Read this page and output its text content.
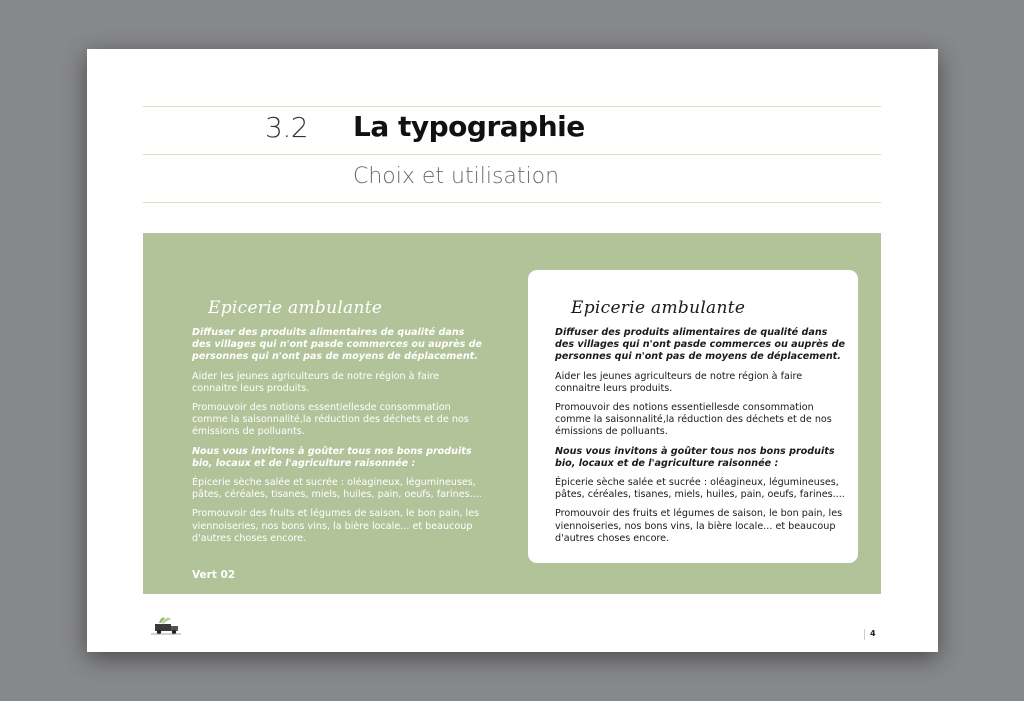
3.2 La typographie
Choix et utilisation
Epicerie ambulante

Diffuser des produits alimentaires de qualité dans des villages qui n'ont pasde commerces ou auprès de personnes qui n'ont pas de moyens de déplacement.

Aider les jeunes agriculteurs de notre région à faire connaitre leurs produits.

Promouvoir des notions essentiellesde consommation comme la saisonnalité,la réduction des déchets et de nos émissions de polluants.

Nous vous invitons à goûter tous nos bons produits bio, locaux et de l'agriculture raisonnée :

Épicerie sèche salée et sucrée : oléagineux, légumineuses, pâtes, céréales, tisanes, miels, huiles, pain, oeufs, farines....

Promouvoir des fruits et légumes de saison, le bon pain, les viennoiseries, nos bons vins, la bière locale... et beaucoup d'autres choses encore.

Epicerie ambulante

Diffuser des produits alimentaires de qualité dans des villages qui n'ont pasde commerces ou auprès de personnes qui n'ont pas de moyens de déplacement.

Aider les jeunes agriculteurs de notre région à faire connaitre leurs produits.

Promouvoir des notions essentiellesde consommation comme la saisonnalité,la réduction des déchets et de nos émissions de polluants.

Nous vous invitons à goûter tous nos bons produits bio, locaux et de l'agriculture raisonnée :

Épicerie sèche salée et sucrée : oléagineux, légumineuses, pâtes, céréales, tisanes, miels, huiles, pain, oeufs, farines....

Promouvoir des fruits et légumes de saison, le bon pain, les viennoiseries, nos bons vins, la bière locale... et beaucoup d'autres choses encore.

Vert 02
4
